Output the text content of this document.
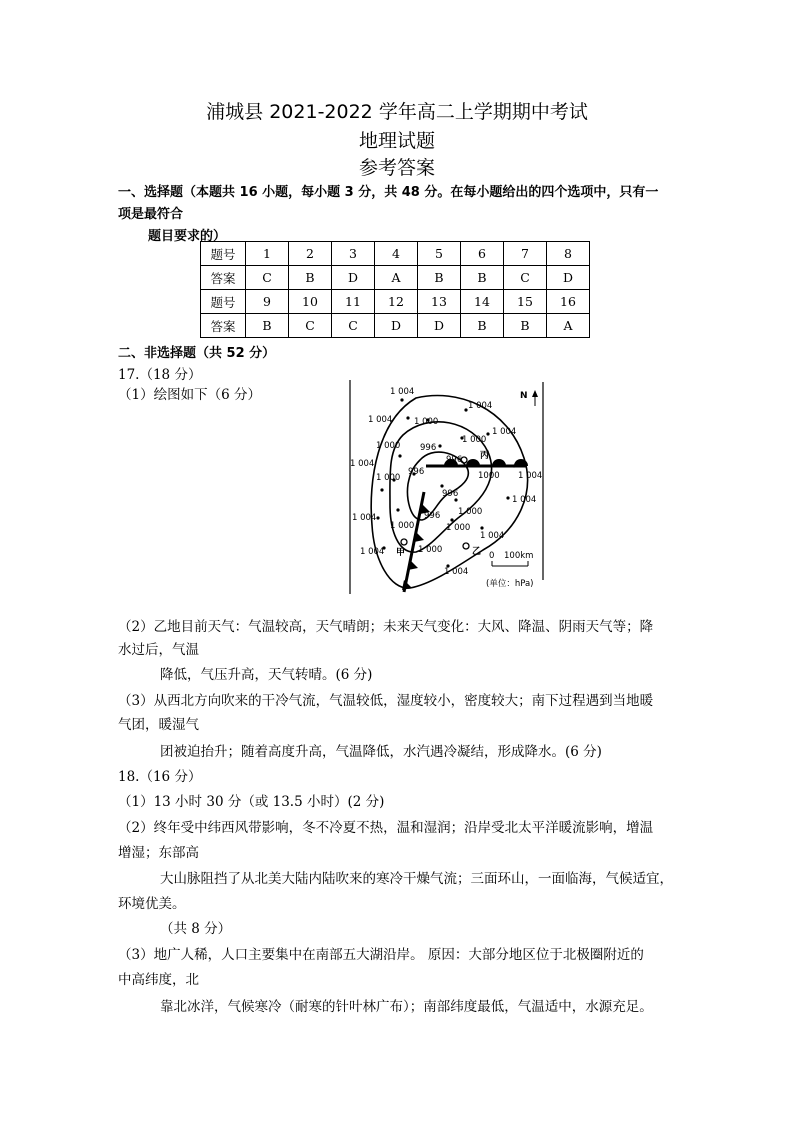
浦城县 2021-2022 学年高二上学期期中考试
地理试题
参考答案
一、选择题（本题共 16 小题，每小题 3 分，共 48 分。在每小题给出的四个选项中，只有一
项是最符合
题目要求的）
题号	1	2	3	4	5	6	7	8
答案	C	B	D	A	B	B	C	D
题号	9	10	11	12	13	14	15	16
答案	B	C	C	D	D	B	B	A
二、非选择题（共 52 分）
17.（18 分）
（1）绘图如下（6 分）	1 004
1 004
1 004
1 004
1 004
1 004
1 004
1 004
1 004
1 004
1 004
1 000
1 000
1 000
1 000
1 000
1 000
1 000
1000
1 000
996
996
996
996
996
丙
乙
甲
N
0 100km
(单位：hPa)
（2）乙地目前天气：气温较高，天气晴朗；未来天气变化：大风、降温、阴雨天气等；降
水过后，气温
降低，气压升高，天气转晴。(6 分)
（3）从西北方向吹来的干冷气流，气温较低，湿度较小，密度较大；南下过程遇到当地暖
气团，暖湿气
团被迫抬升；随着高度升高，气温降低，水汽遇冷凝结，形成降水。(6 分)
18.（16 分）
（1）13 小时 30 分（或 13.5 小时）(2 分)
（2）终年受中纬西风带影响，冬不冷夏不热，温和湿润；沿岸受北太平洋暖流影响，增温
增湿；东部高
大山脉阻挡了从北美大陆内陆吹来的寒冷干燥气流；三面环山，一面临海，气候适宜，
环境优美。
（共 8 分）
（3）地广人稀，人口主要集中在南部五大湖沿岸。 原因：大部分地区位于北极圈附近的
中高纬度，北
靠北冰洋，气候寒冷（耐寒的针叶林广布）；南部纬度最低，气温适中，水源充足。
